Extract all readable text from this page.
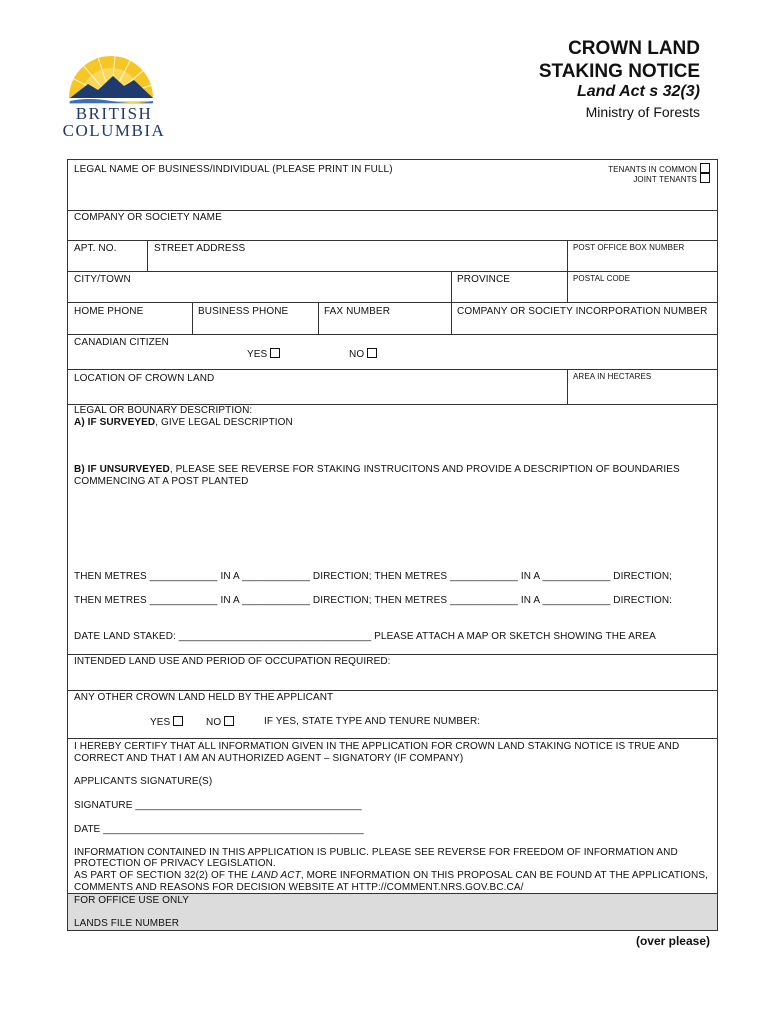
BRITISH
COLUMBIA
CROWN LAND
STAKING NOTICE
Land Act s 32(3)
Ministry of Forests
LEGAL NAME OF BUSINESS/INDIVIDUAL (PLEASE PRINT IN FULL)	TENANTS IN COMMON
JOINT TENANTS
COMPANY OR SOCIETY NAME
APT. NO.	STREET ADDRESS	POST OFFICE BOX NUMBER
CITY/TOWN	PROVINCE	POSTAL CODE
HOME PHONE	BUSINESS PHONE	FAX NUMBER	COMPANY OR SOCIETY INCORPORATION NUMBER
CANADIAN CITIZEN
YES	NO
LOCATION OF CROWN LAND	AREA IN HECTARES
LEGAL OR BOUNARY DESCRIPTION:
A) IF SURVEYED, GIVE LEGAL DESCRIPTION
B) IF UNSURVEYED, PLEASE SEE REVERSE FOR STAKING INSTRUCITONS AND PROVIDE A DESCRIPTION OF BOUNDARIES
COMMENCING AT A POST PLANTED
THEN METRES ____________ IN A ____________ DIRECTION; THEN METRES ____________ IN A ____________ DIRECTION;
THEN METRES ____________ IN A ____________ DIRECTION; THEN METRES ____________ IN A ____________ DIRECTION:
DATE LAND STAKED: __________________________________ PLEASE ATTACH A MAP OR SKETCH SHOWING THE AREA
INTENDED LAND USE AND PERIOD OF OCCUPATION REQUIRED:
ANY OTHER CROWN LAND HELD BY THE APPLICANT
YES	NO	IF YES, STATE TYPE AND TENURE NUMBER:
I HEREBY CERTIFY THAT ALL INFORMATION GIVEN IN THE APPLICATION FOR CROWN LAND STAKING NOTICE IS TRUE AND
CORRECT AND THAT I AM AN AUTHORIZED AGENT – SIGNATORY (IF COMPANY)
APPLICANTS SIGNATURE(S)
SIGNATURE ________________________________________
DATE ______________________________________________
INFORMATION CONTAINED IN THIS APPLICATION IS PUBLIC. PLEASE SEE REVERSE FOR FREEDOM OF INFORMATION AND
PROTECTION OF PRIVACY LEGISLATION.
AS PART OF SECTION 32(2) OF THE LAND ACT, MORE INFORMATION ON THIS PROPOSAL CAN BE FOUND AT THE APPLICATIONS,
COMMENTS AND REASONS FOR DECISION WEBSITE AT HTTP://COMMENT.NRS.GOV.BC.CA/
FOR OFFICE USE ONLY
LANDS FILE NUMBER
(over please)
